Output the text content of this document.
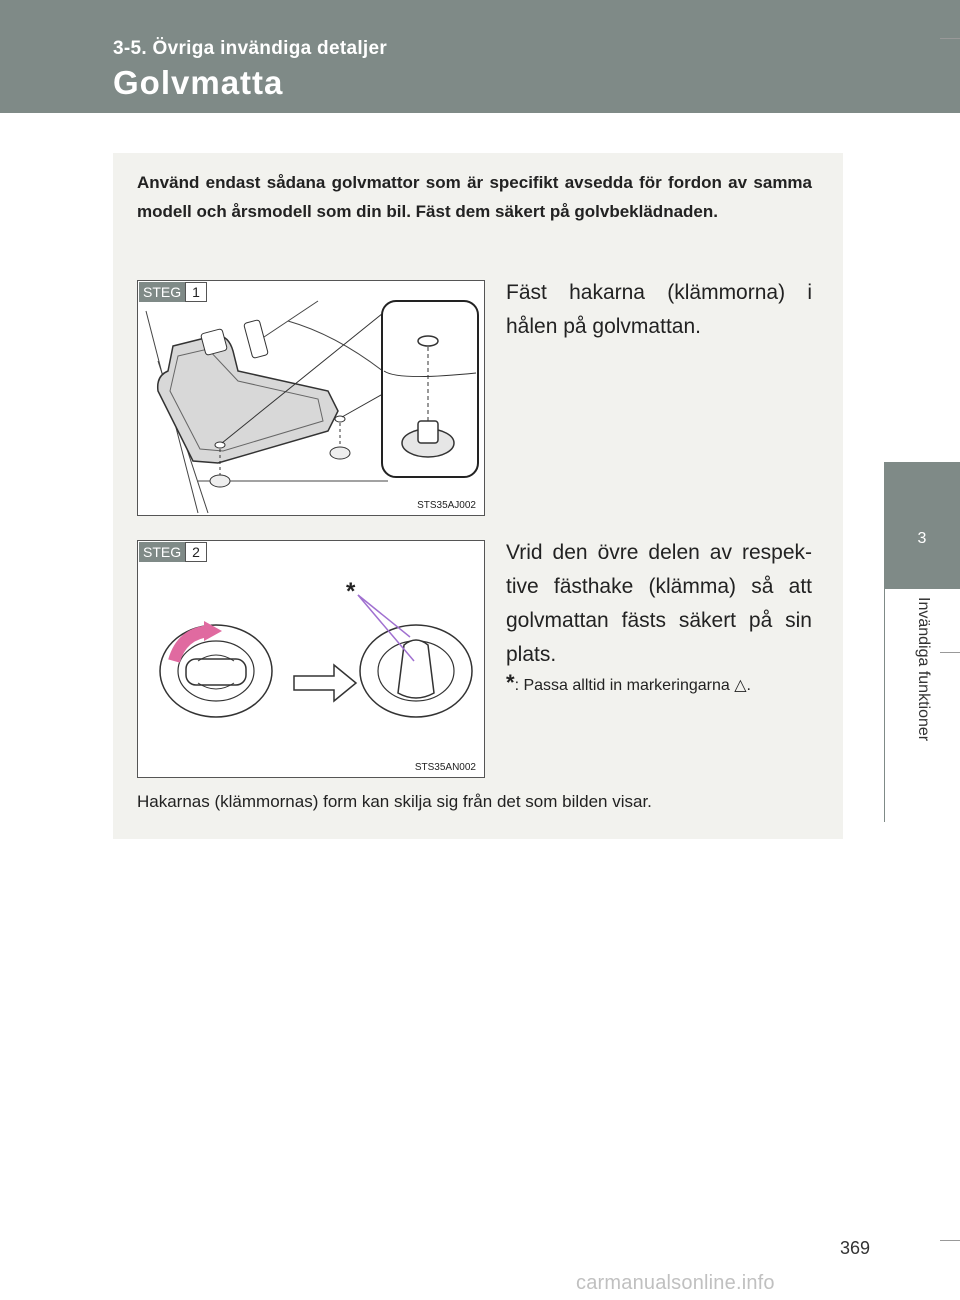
3-5. Övriga invändiga detaljer
Golvmatta
3
Invändiga funktioner
Använd endast sådana golvmattor som är specifikt avsedda för fordon av samma modell och årsmodell som din bil. Fäst dem säkert på golvbeklädnaden.
STEG 1
STS35AJ002
Fäst hakarna (klämmorna) i hålen på golvmattan.
STEG 2
*
STS35AN002
Vrid den övre delen av respek-tive fästhake (klämma) så att golvmattan fästs säkert på sin plats.
*: Passa alltid in markeringarna △.
Hakarnas (klämmornas) form kan skilja sig från det som bilden visar.
369
carmanualsonline.info
